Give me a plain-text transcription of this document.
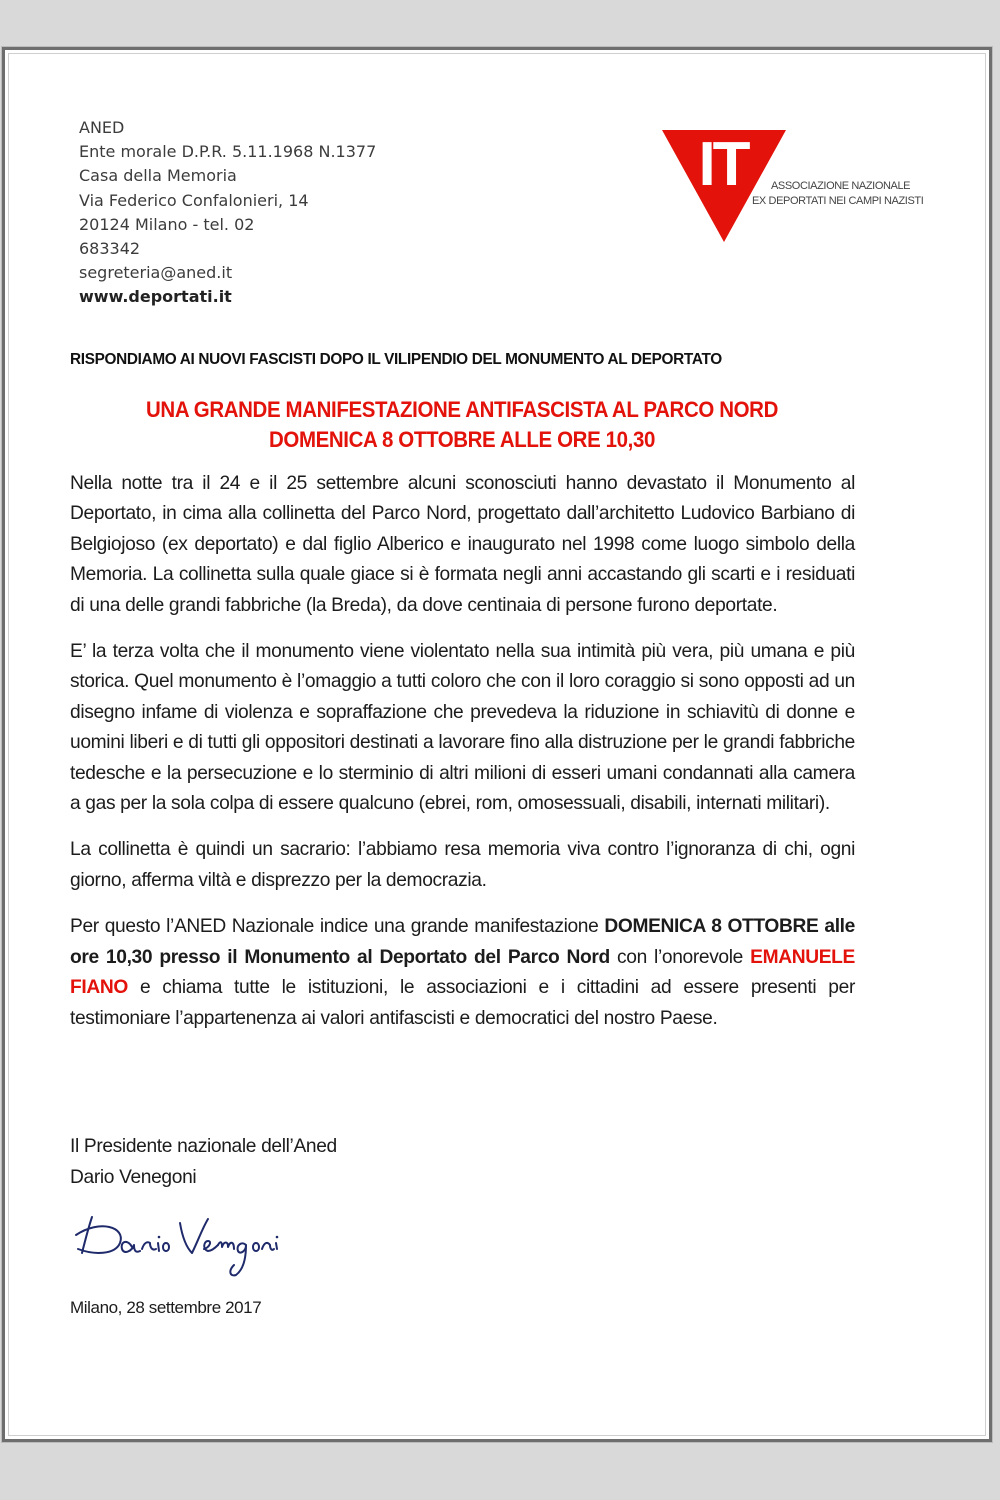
ANED
Ente morale D.P.R. 5.11.1968 N.1377
Casa della Memoria
Via Federico Confalonieri, 14
20124 Milano - tel. 02
683342
segreteria@aned.it
www.deportati.it
IT	ASSOCIAZIONE NAZIONALE
EX DEPORTATI NEI CAMPI NAZISTI
RISPONDIAMO AI NUOVI FASCISTI DOPO IL VILIPENDIO DEL MONUMENTO AL DEPORTATO
UNA GRANDE MANIFESTAZIONE ANTIFASCISTA AL PARCO NORD
DOMENICA 8 OTTOBRE ALLE ORE 10,30

Nella notte tra il 24 e il 25 settembre alcuni sconosciuti hanno devastato il Monumento al Deportato, in cima alla collinetta del Parco Nord, progettato dall’architetto Ludovico Barbiano di Belgiojoso (ex deportato) e dal figlio Alberico e inaugurato nel 1998 come luogo simbolo della Memoria. La collinetta sulla quale giace si è formata negli anni accastando gli scarti e i residuati di una delle grandi fabbriche (la Breda), da dove centinaia di persone furono deportate.

E’ la terza volta che il monumento viene violentato nella sua intimità più vera, più umana e più storica. Quel monumento è l’omaggio a tutti coloro che con il loro coraggio si sono opposti ad un disegno infame di violenza e sopraffazione che prevedeva la riduzione in schiavitù di donne e uomini liberi e di tutti gli oppositori destinati a lavorare fino alla distruzione per le grandi fabbriche tedesche e la persecuzione e lo sterminio di altri milioni di esseri umani condannati alla camera a gas per la sola colpa di essere qualcuno (ebrei, rom, omosessuali, disabili, internati militari).

La collinetta è quindi un sacrario: l’abbiamo resa memoria viva contro l’ignoranza di chi, ogni giorno, afferma viltà e disprezzo per la democrazia.

Per questo l’ANED Nazionale indice una grande manifestazione DOMENICA 8 OTTOBRE alle ore 10,30 presso il Monumento al Deportato del Parco Nord con l’onorevole EMANUELE FIANO e chiama tutte le istituzioni, le associazioni e i cittadini ad essere presenti per testimoniare l’appartenenza ai valori antifascisti e democratici del nostro Paese.

Il Presidente nazionale dell’Aned
Dario Venegoni
Milano, 28 settembre 2017
